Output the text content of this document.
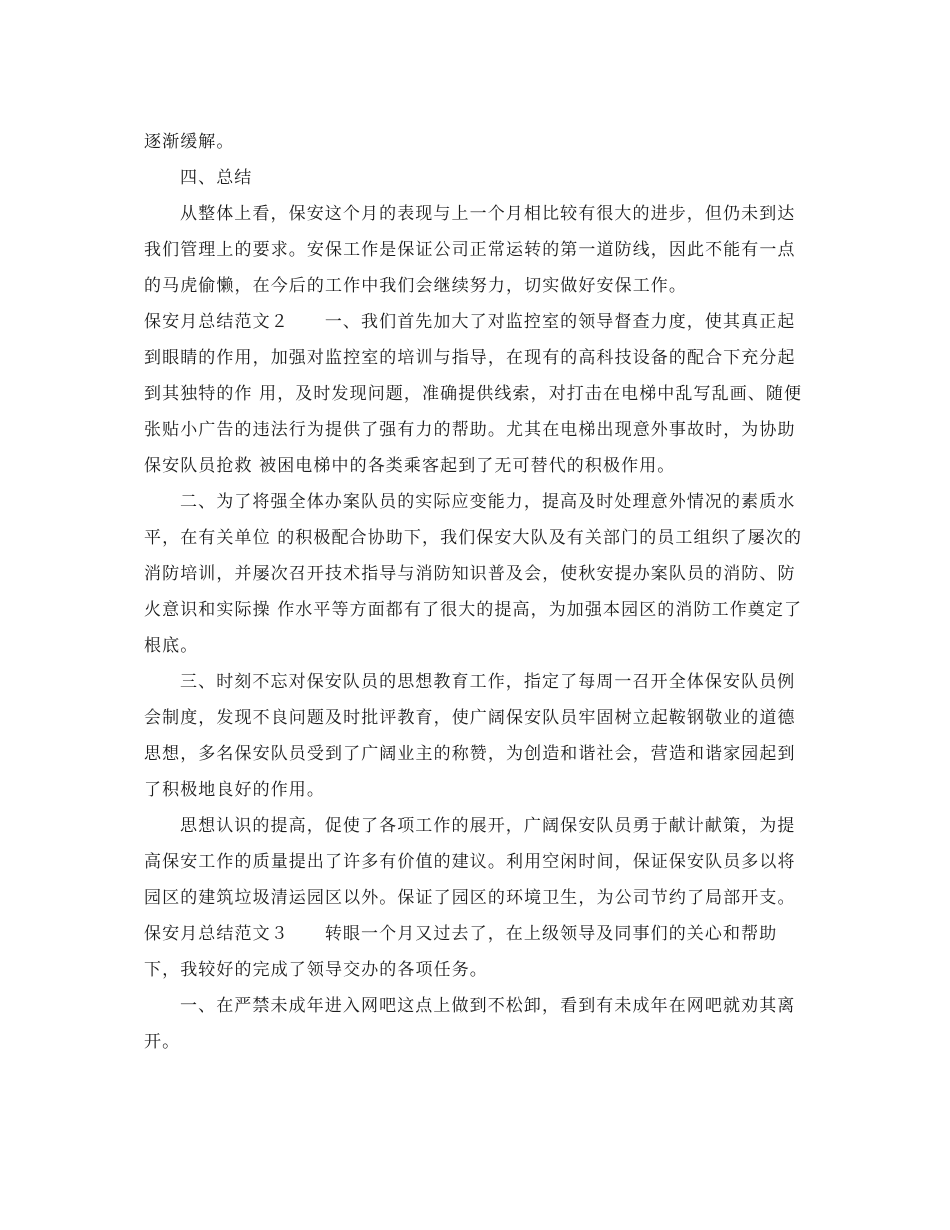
逐渐缓解。

四、总结

从整体上看，保安这个月的表现与上一个月相比较有很大的进步，但仍未到达我们管理上的要求。安保工作是保证公司正常运转的第一道防线，因此不能有一点的马虎偷懒，在今后的工作中我们会继续努力，切实做好安保工作。

保安月总结范文２ 一、我们首先加大了对监控室的领导督查力度，使其真正起到眼睛的作用，加强对监控室的培训与指导，在现有的高科技设备的配合下充分起到其独特的作 用，及时发现问题，准确提供线索，对打击在电梯中乱写乱画、随便张贴小广告的违法行为提供了强有力的帮助。尤其在电梯出现意外事故时，为协助保安队员抢救 被困电梯中的各类乘客起到了无可替代的积极作用。

二、为了将强全体办案队员的实际应变能力，提高及时处理意外情况的素质水平，在有关单位 的积极配合协助下，我们保安大队及有关部门的员工组织了屡次的消防培训，并屡次召开技术指导与消防知识普及会，使秋安提办案队员的消防、防火意识和实际操 作水平等方面都有了很大的提高，为加强本园区的消防工作奠定了根底。

三、时刻不忘对保安队员的思想教育工作，指定了每周一召开全体保安队员例会制度，发现不良问题及时批评教育，使广阔保安队员牢固树立起鞍钢敬业的道德思想，多名保安队员受到了广阔业主的称赞，为创造和谐社会，营造和谐家园起到了积极地良好的作用。

思想认识的提高，促使了各项工作的展开，广阔保安队员勇于献计献策，为提高保安工作的质量提出了许多有价值的建议。利用空闲时间，保证保安队员多以将园区的建筑垃圾清运园区以外。保证了园区的环境卫生，为公司节约了局部开支。

保安月总结范文３ 转眼一个月又过去了，在上级领导及同事们的关心和帮助下，我较好的完成了领导交办的各项任务。

一、在严禁未成年进入网吧这点上做到不松卸，看到有未成年在网吧就劝其离开。
